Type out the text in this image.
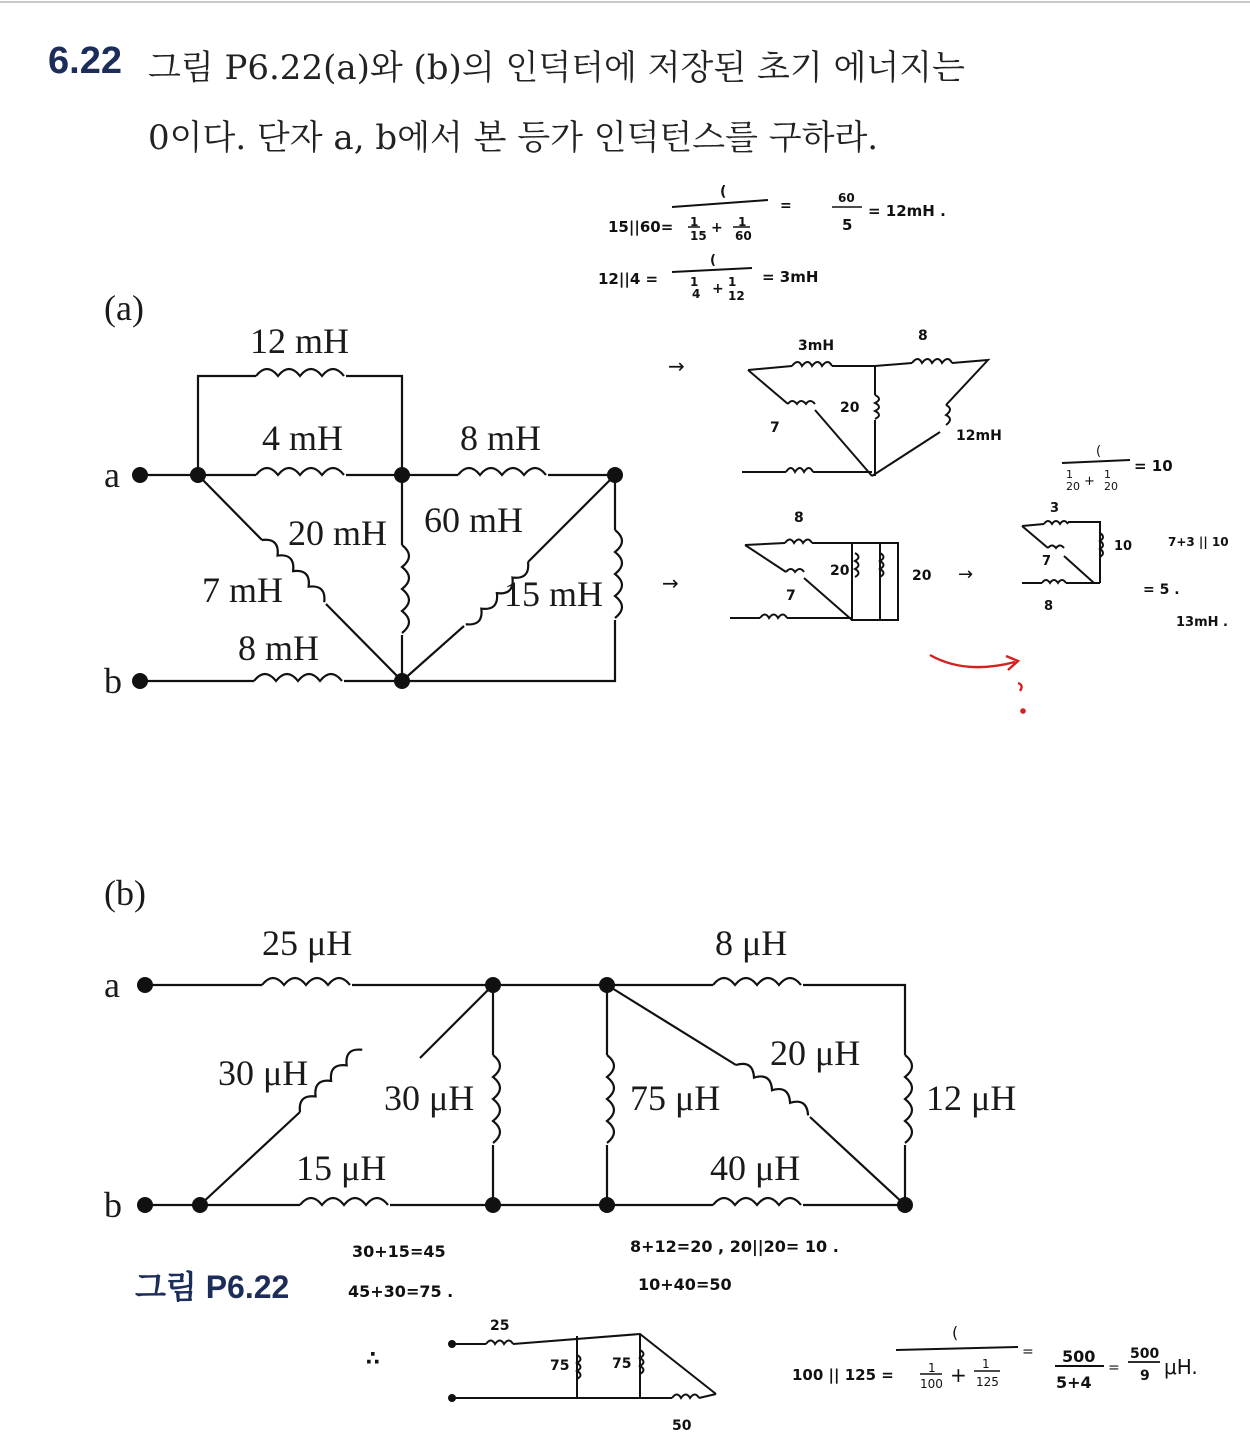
6.22 그림 P6.22(a)와 (b)의 인덕터에 저장된 초기 에너지는
0이다. 단자 a, b에서 본 등가 인덕턴스를 구하라.
(a)
a
b
12 mH
4 mH	8 mH
20 mH 60 mH
7 mH	15 mH
8 mH
(b)
a
b
25 μH	8 μH
30 μH
30 μH
15 μH
75 μH
20 μH
12 μH
40 μH
15||60=
(
1
15 + 1
60
=	60
5
= 12mH .
12||4 =
(
1
4 + 1
12
= 3mH
→
→
3mH
8
20
7	12mH
8
20	20
7
→
(
1
20 + 1
20
= 10
3
10
7
8
7+3 || 10
= 5 .
13mH .
30+15=45
45+30=75 .
8+12=20 , 20||20= 10 .
10+40=50
∴
25
75	75
50
100 || 125 =
(
1
100 + 1
125
= 500
5+4
=
500
9 μH.
그림 P6.22
